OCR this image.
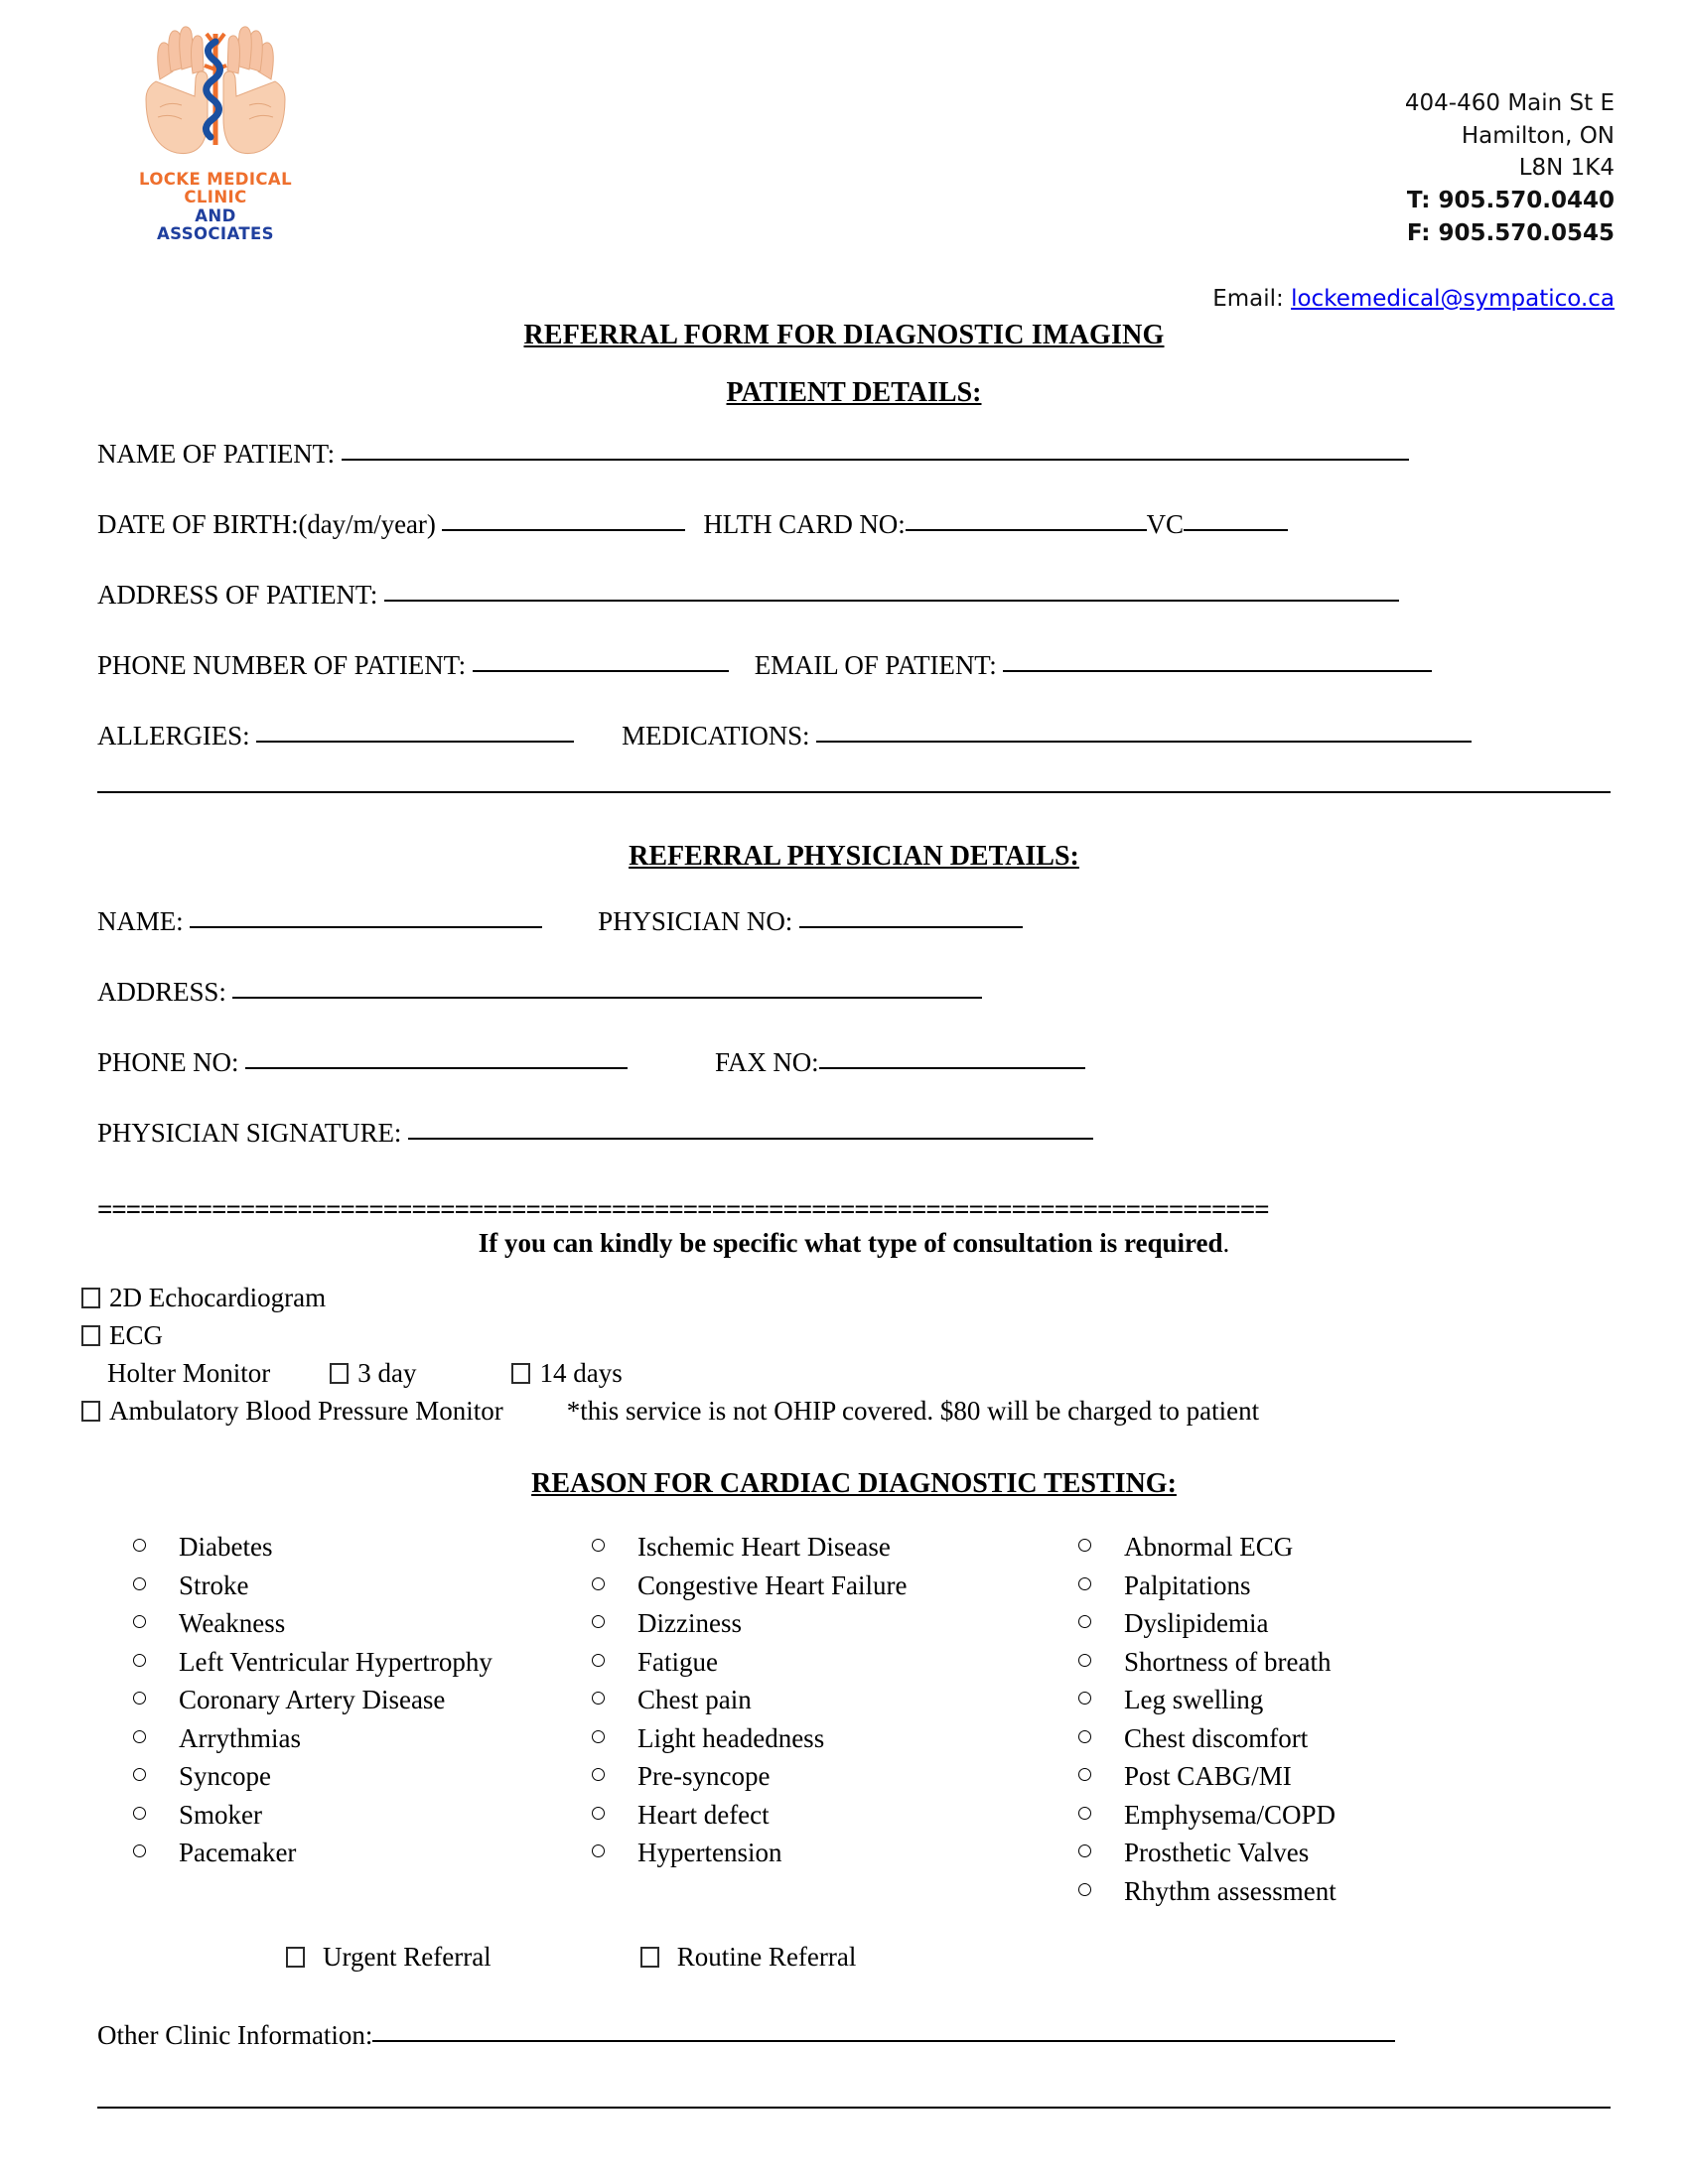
LOCKE MEDICAL
CLINIC
AND
ASSOCIATES
404-460 Main St E
Hamilton, ON
L8N 1K4
T: 905.570.0440
F: 905.570.0545
Email: lockemedical@sympatico.ca
REFERRAL FORM FOR DIAGNOSTIC IMAGING
PATIENT DETAILS:
NAME OF PATIENT:
DATE OF BIRTH:(day/m/year)	HLTH CARD NO:	VC
ADDRESS OF PATIENT:
PHONE NUMBER OF PATIENT:	EMAIL OF PATIENT:
ALLERGIES:	MEDICATIONS:
REFERRAL PHYSICIAN DETAILS:
NAME:	PHYSICIAN NO:
ADDRESS:
PHONE NO:	FAX NO:
PHYSICIAN SIGNATURE:
==================================================================================
If you can kindly be specific what type of consultation is required.
2D Echocardiogram
ECG
Holter Monitor	3 day	14 days
Ambulatory Blood Pressure Monitor *this service is not OHIP covered. $80 will be charged to patient
REASON FOR CARDIAC DIAGNOSTIC TESTING:
Diabetes
Stroke
Weakness
Left Ventricular Hypertrophy
Coronary Artery Disease
Arrythmias
Syncope
Smoker
Pacemaker
Ischemic Heart Disease
Congestive Heart Failure
Dizziness
Fatigue
Chest pain
Light headedness
Pre-syncope
Heart defect
Hypertension
Abnormal ECG
Palpitations
Dyslipidemia
Shortness of breath
Leg swelling
Chest discomfort
Post CABG/MI
Emphysema/COPD
Prosthetic Valves
Rhythm assessment
Urgent Referral	Routine Referral
Other Clinic Information:
